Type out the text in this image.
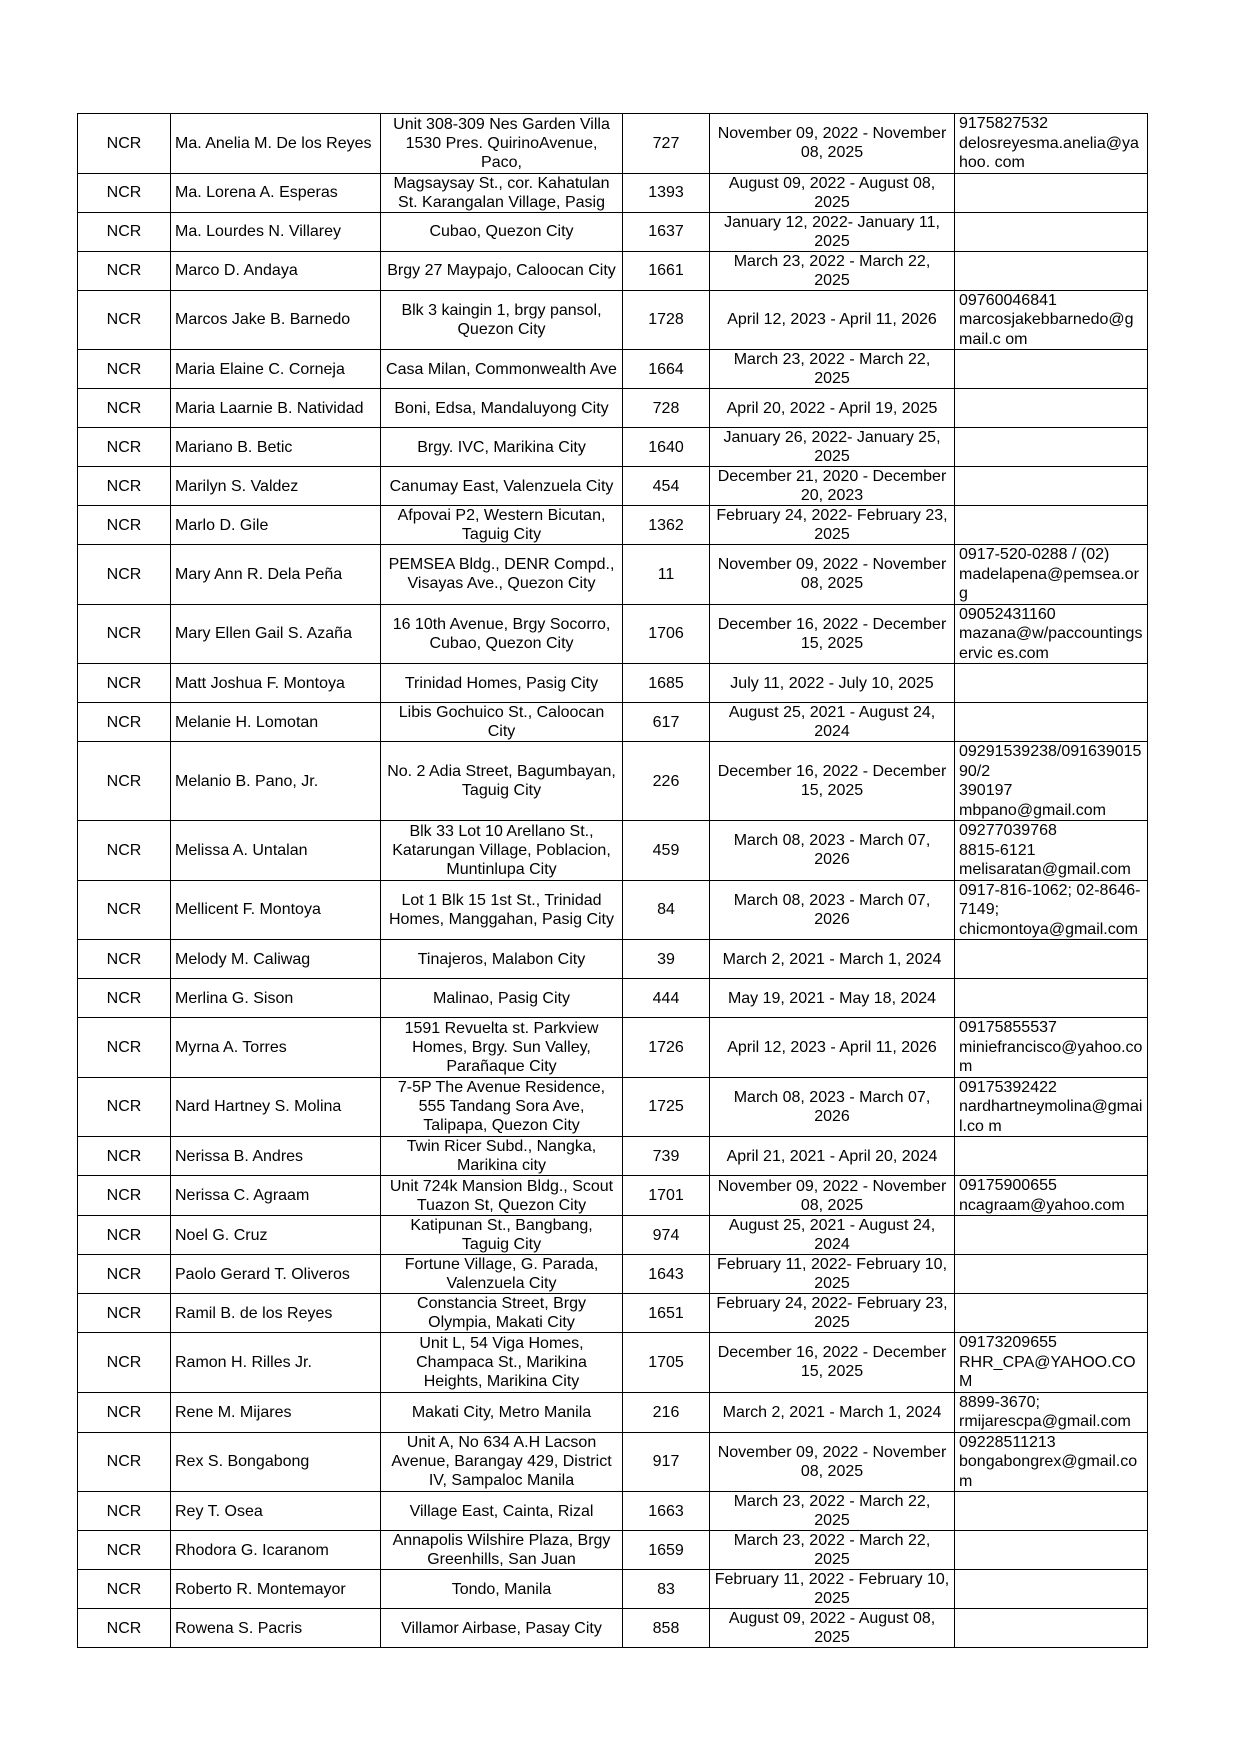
NCR	Ma. Anelia M. De los Reyes	Unit 308-309 Nes Garden Villa 1530 Pres. QuirinoAvenue, Paco,	727	November 09, 2022 - November 08, 2025	9175827532
delosreyesma.anelia@yahoo. com
NCR	Ma. Lorena A. Esperas	Magsaysay St., cor. Kahatulan St. Karangalan Village, Pasig	1393	August 09, 2022 - August 08, 2025	
NCR	Ma. Lourdes N. Villarey	Cubao, Quezon City	1637	January 12, 2022- January 11, 2025	
NCR	Marco D. Andaya	Brgy 27 Maypajo, Caloocan City	1661	March 23, 2022 - March 22, 2025	
NCR	Marcos Jake B. Barnedo	Blk 3 kaingin 1, brgy pansol, Quezon City	1728	April 12, 2023 - April 11, 2026	09760046841
marcosjakebbarnedo@gmail.c om
NCR	Maria Elaine C. Corneja	Casa Milan, Commonwealth Ave	1664	March 23, 2022 - March 22, 2025	
NCR	Maria Laarnie B. Natividad	Boni, Edsa, Mandaluyong City	728	April 20, 2022 - April 19, 2025	
NCR	Mariano B. Betic	Brgy. IVC, Marikina City	1640	January 26, 2022- January 25, 2025	
NCR	Marilyn S. Valdez	Canumay East, Valenzuela City	454	December 21, 2020 - December 20, 2023	
NCR	Marlo D. Gile	Afpovai P2, Western Bicutan, Taguig City	1362	February 24, 2022- February 23, 2025	
NCR	Mary Ann R. Dela Peña	PEMSEA Bldg., DENR Compd., Visayas Ave., Quezon City	11	November 09, 2022 - November 08, 2025	0917-520-0288 / (02)
madelapena@pemsea.org
NCR	Mary Ellen Gail S. Azaña	16 10th Avenue, Brgy Socorro, Cubao, Quezon City	1706	December 16, 2022 - December 15, 2025	09052431160
mazana@w/paccountingservic es.com
NCR	Matt Joshua F. Montoya	Trinidad Homes, Pasig City	1685	July 11, 2022 - July 10, 2025	
NCR	Melanie H. Lomotan	Libis Gochuico St., Caloocan City	617	August 25, 2021 - August 24, 2024	
NCR	Melanio B. Pano, Jr.	No. 2 Adia Street, Bagumbayan, Taguig City	226	December 16, 2022 - December 15, 2025	09291539238/09163901590/2
390197
mbpano@gmail.com
NCR	Melissa A. Untalan	Blk 33 Lot 10 Arellano St., Katarungan Village, Poblacion, Muntinlupa City	459	March 08, 2023 - March 07, 2026	09277039768
8815-6121
melisaratan@gmail.com
NCR	Mellicent F. Montoya	Lot 1 Blk 15 1st St., Trinidad Homes, Manggahan, Pasig City	84	March 08, 2023 - March 07, 2026	0917-816-1062; 02-8646-7149;
chicmontoya@gmail.com
NCR	Melody M. Caliwag	Tinajeros, Malabon City	39	March 2, 2021 - March 1, 2024	
NCR	Merlina G. Sison	Malinao, Pasig City	444	May 19, 2021 - May 18, 2024	
NCR	Myrna A. Torres	1591 Revuelta st. Parkview Homes, Brgy. Sun Valley, Parañaque City	1726	April 12, 2023 - April 11, 2026	09175855537
miniefrancisco@yahoo.com
NCR	Nard Hartney S. Molina	7-5P The Avenue Residence, 555 Tandang Sora Ave, Talipapa, Quezon City	1725	March 08, 2023 - March 07, 2026	09175392422
nardhartneymolina@gmail.co m
NCR	Nerissa B. Andres	Twin Ricer Subd., Nangka, Marikina city	739	April 21, 2021 - April 20, 2024	
NCR	Nerissa C. Agraam	Unit 724k Mansion Bldg., Scout Tuazon St, Quezon City	1701	November 09, 2022 - November 08, 2025	09175900655
ncagraam@yahoo.com
NCR	Noel G. Cruz	Katipunan St., Bangbang, Taguig City	974	August 25, 2021 - August 24, 2024	
NCR	Paolo Gerard T. Oliveros	Fortune Village, G. Parada, Valenzuela City	1643	February 11, 2022- February 10, 2025	
NCR	Ramil B. de los Reyes	Constancia Street, Brgy Olympia, Makati City	1651	February 24, 2022- February 23, 2025	
NCR	Ramon H. Rilles Jr.	Unit L, 54 Viga Homes, Champaca St., Marikina Heights, Marikina City	1705	December 16, 2022 - December 15, 2025	09173209655
RHR_CPA@YAHOO.COM
NCR	Rene M. Mijares	Makati City, Metro Manila	216	March 2, 2021 - March 1, 2024	8899-3670;
rmijarescpa@gmail.com
NCR	Rex S. Bongabong	Unit A, No 634 A.H Lacson Avenue, Barangay 429, District IV, Sampaloc Manila	917	November 09, 2022 - November 08, 2025	09228511213
bongabongrex@gmail.com
NCR	Rey T. Osea	Village East, Cainta, Rizal	1663	March 23, 2022 - March 22, 2025	
NCR	Rhodora G. Icaranom	Annapolis Wilshire Plaza, Brgy Greenhills, San Juan	1659	March 23, 2022 - March 22, 2025	
NCR	Roberto R. Montemayor	Tondo, Manila	83	February 11, 2022 - February 10, 2025	
NCR	Rowena S. Pacris	Villamor Airbase, Pasay City	858	August 09, 2022 - August 08, 2025	
